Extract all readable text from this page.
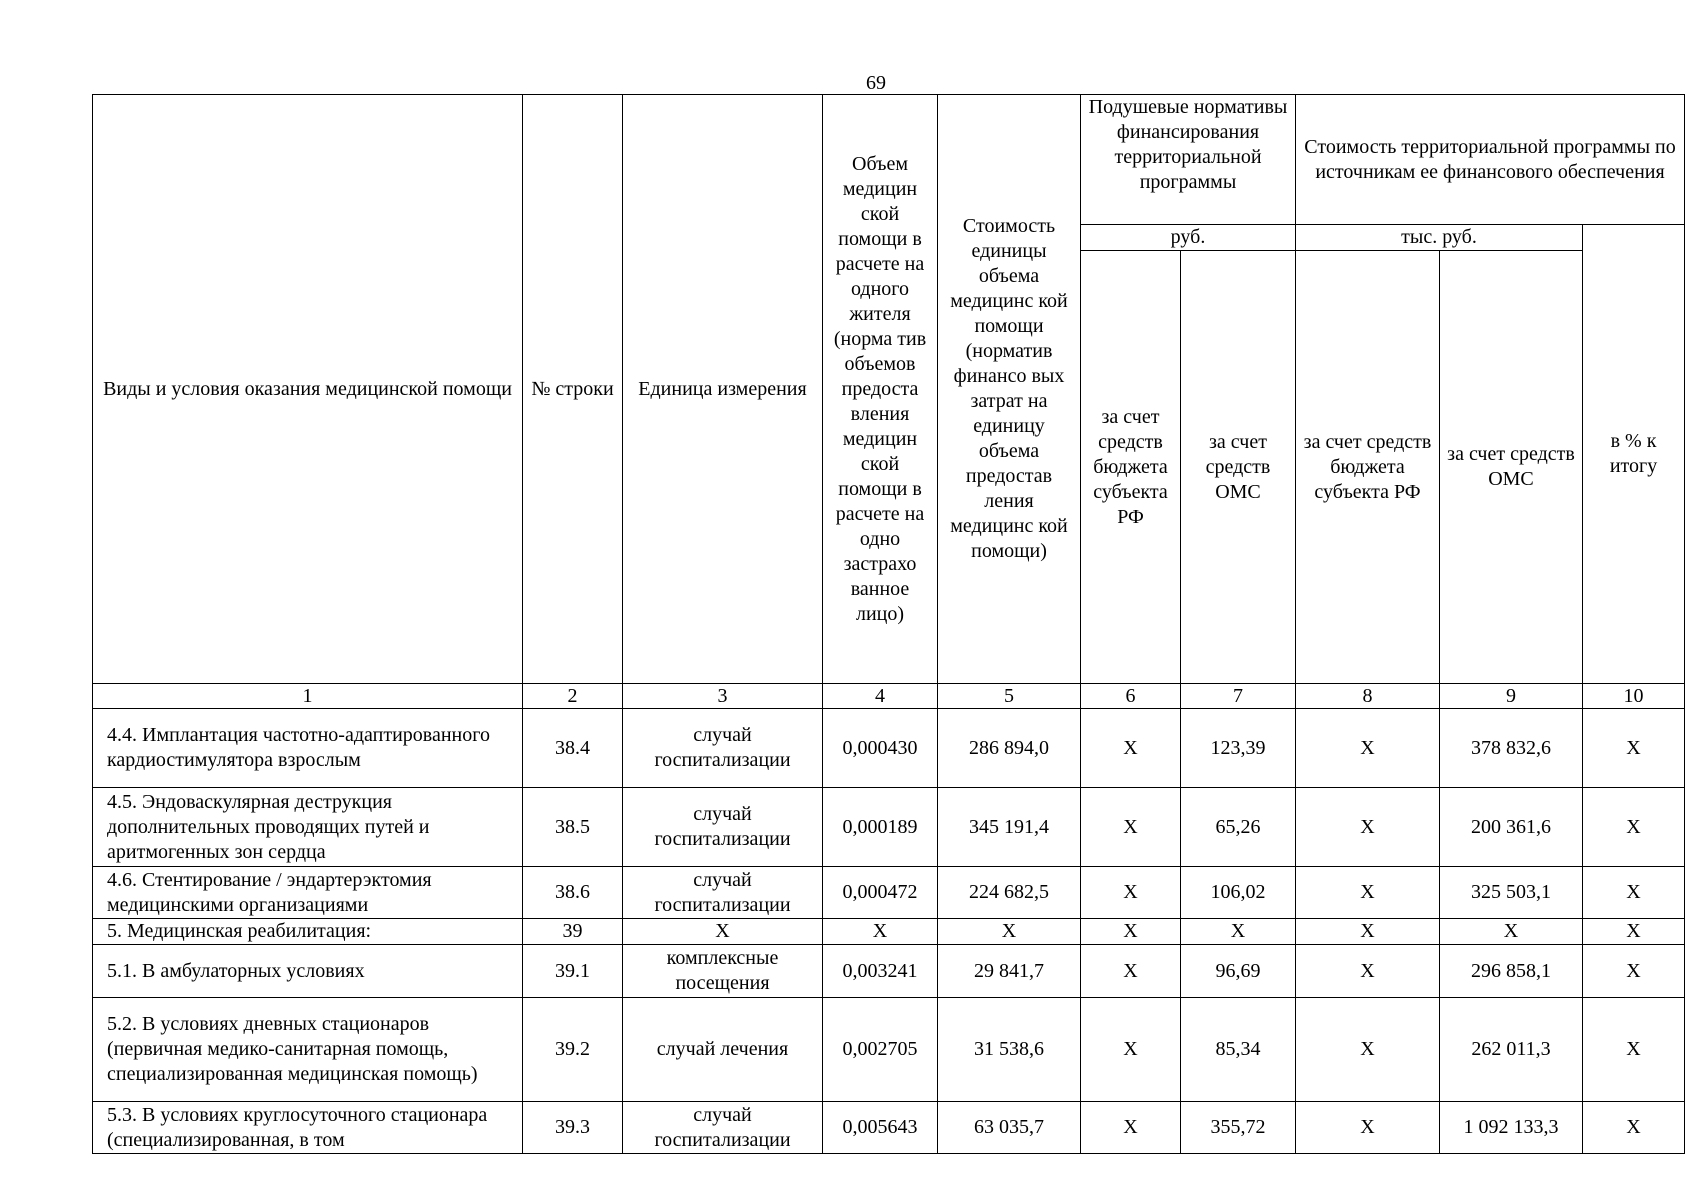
69
Виды и условия оказания медицинской помощи	№ строки	Единица измерения	Объем медицин ской помощи в расчете на одного жителя (норма тив объемов предоста вления медицин ской помощи в расчете на одно застрахо ванное лицо)	Стоимость единицы объема медицинс кой помощи (норматив финансо вых затрат на единицу объема предостав ления медицинс кой помощи)	Подушевые нормативы финансирования территориальной программы		Стоимость территориальной программы по источникам ее финансового обеспечения		
					руб.		тыс. руб.		в % к итогу
					за счет средств бюджета субъекта РФ	за счет средств ОМС	за счет средств бюджета субъекта РФ	за счет средств ОМС	
1	2	3	4	5	6	7	8	9	10
4.4. Имплантация частотно-адаптированного кардиостимулятора взрослым	38.4	случай госпитализации	0,000430	286 894,0	Х	123,39	Х	378 832,6	Х
4.5. Эндоваскулярная деструкция дополнительных проводящих путей и аритмогенных зон сердца	38.5	случай госпитализации	0,000189	345 191,4	Х	65,26	Х	200 361,6	Х
4.6. Стентирование / эндартерэктомия медицинскими организациями	38.6	случай госпитализации	0,000472	224 682,5	Х	106,02	Х	325 503,1	Х
5. Медицинская реабилитация:	39	Х	Х	Х	Х	Х	Х	Х	Х
5.1. В амбулаторных условиях	39.1	комплексные посещения	0,003241	29 841,7	Х	96,69	Х	296 858,1	Х
5.2. В условиях дневных стационаров (первичная медико-санитарная помощь, специализированная медицинская помощь)	39.2	случай лечения	0,002705	31 538,6	Х	85,34	Х	262 011,3	Х
5.3. В условиях круглосуточного стационара (специализированная, в том	39.3	случай госпитализации	0,005643	63 035,7	Х	355,72	Х	1 092 133,3	Х
